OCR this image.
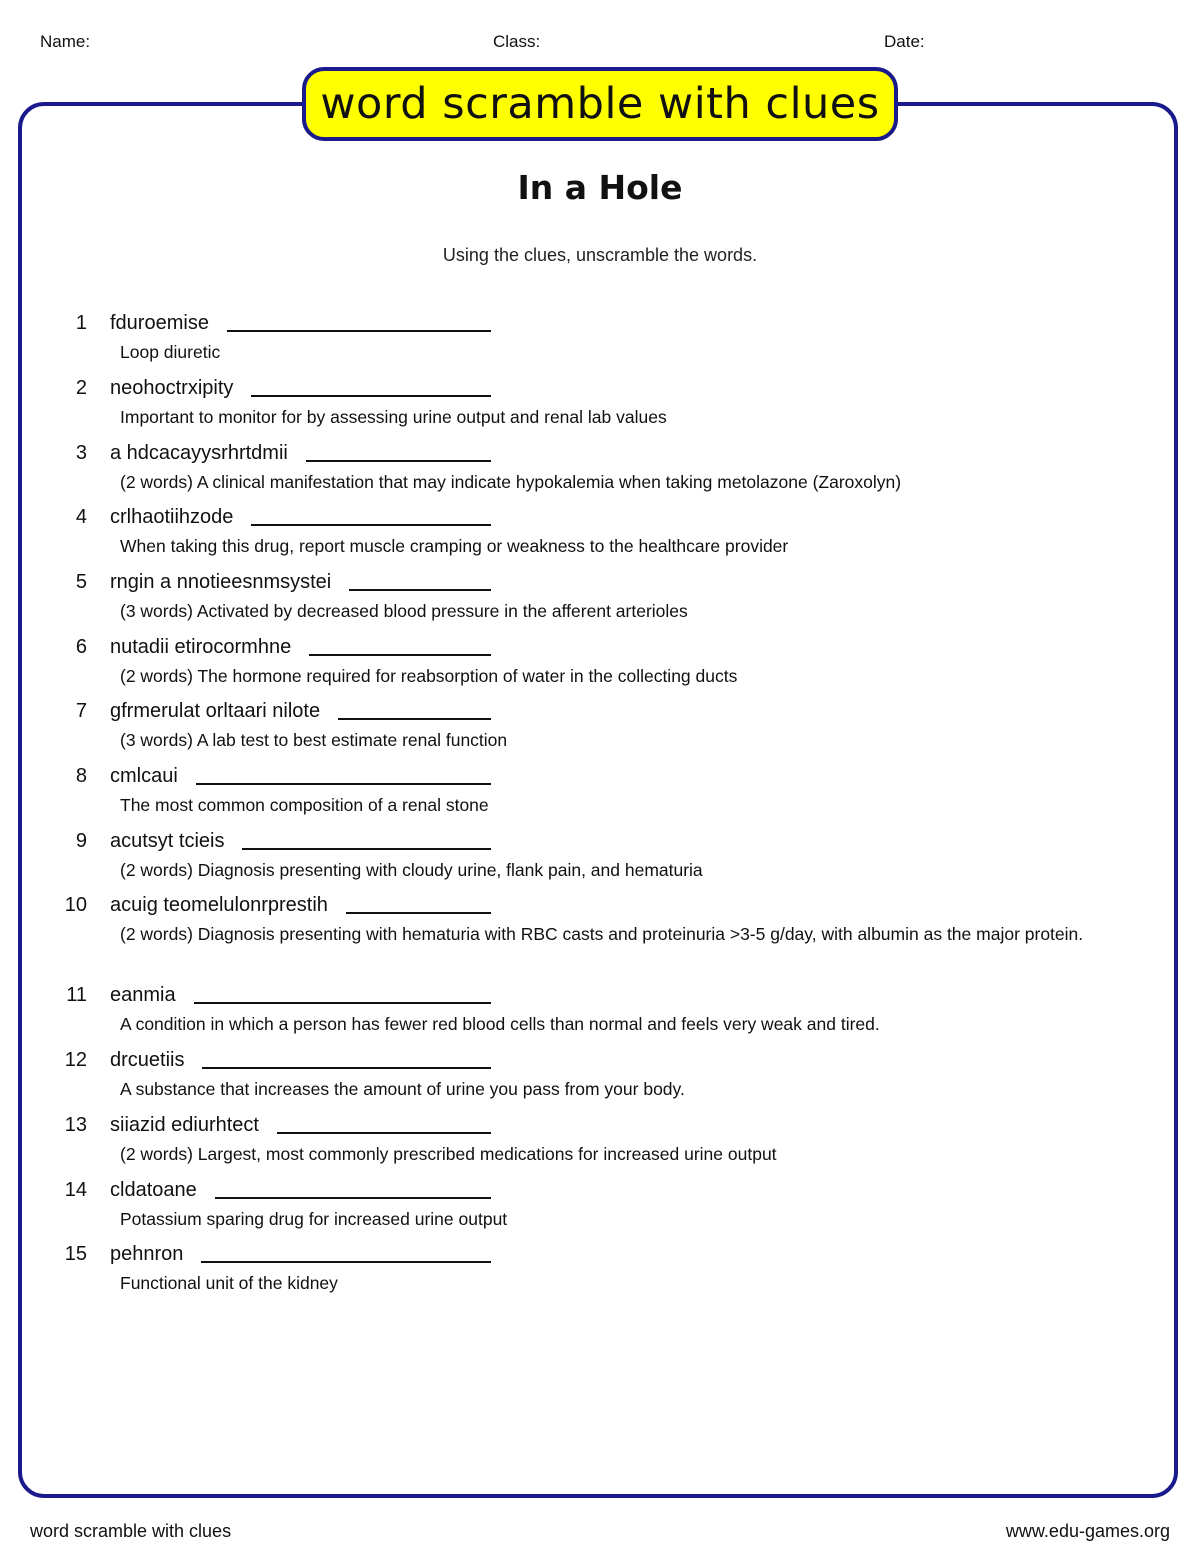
Name:	Class:	Date:
word scramble with clues
In a Hole
Using the clues, unscramble the words.
1 fduroemise
Loop diuretic
2 neohoctrxipity
Important to monitor for by assessing urine output and renal lab values
3 a hdcacayysrhrtdmii
(2 words) A clinical manifestation that may indicate hypokalemia when taking metolazone (Zaroxolyn)
4 crlhaotiihzode
When taking this drug, report muscle cramping or weakness to the healthcare provider
5 rngin a nnotieesnmsystei
(3 words) Activated by decreased blood pressure in the afferent arterioles
6 nutadii etirocormhne
(2 words) The hormone required for reabsorption of water in the collecting ducts
7 gfrmerulat orltaari nilote
(3 words) A lab test to best estimate renal function
8 cmlcaui
The most common composition of a renal stone
9 acutsyt tcieis
(2 words) Diagnosis presenting with cloudy urine, flank pain, and hematuria
10 acuig teomelulonrprestih
(2 words) Diagnosis presenting with hematuria with RBC casts and proteinuria >3-5 g/day, with albumin as the major protein.
11 eanmia
A condition in which a person has fewer red blood cells than normal and feels very weak and tired.
12 drcuetiis
A substance that increases the amount of urine you pass from your body.
13 siiazid ediurhtect
(2 words) Largest, most commonly prescribed medications for increased urine output
14 cldatoane
Potassium sparing drug for increased urine output
15 pehnron
Functional unit of the kidney
word scramble with clues	www.edu-games.org
